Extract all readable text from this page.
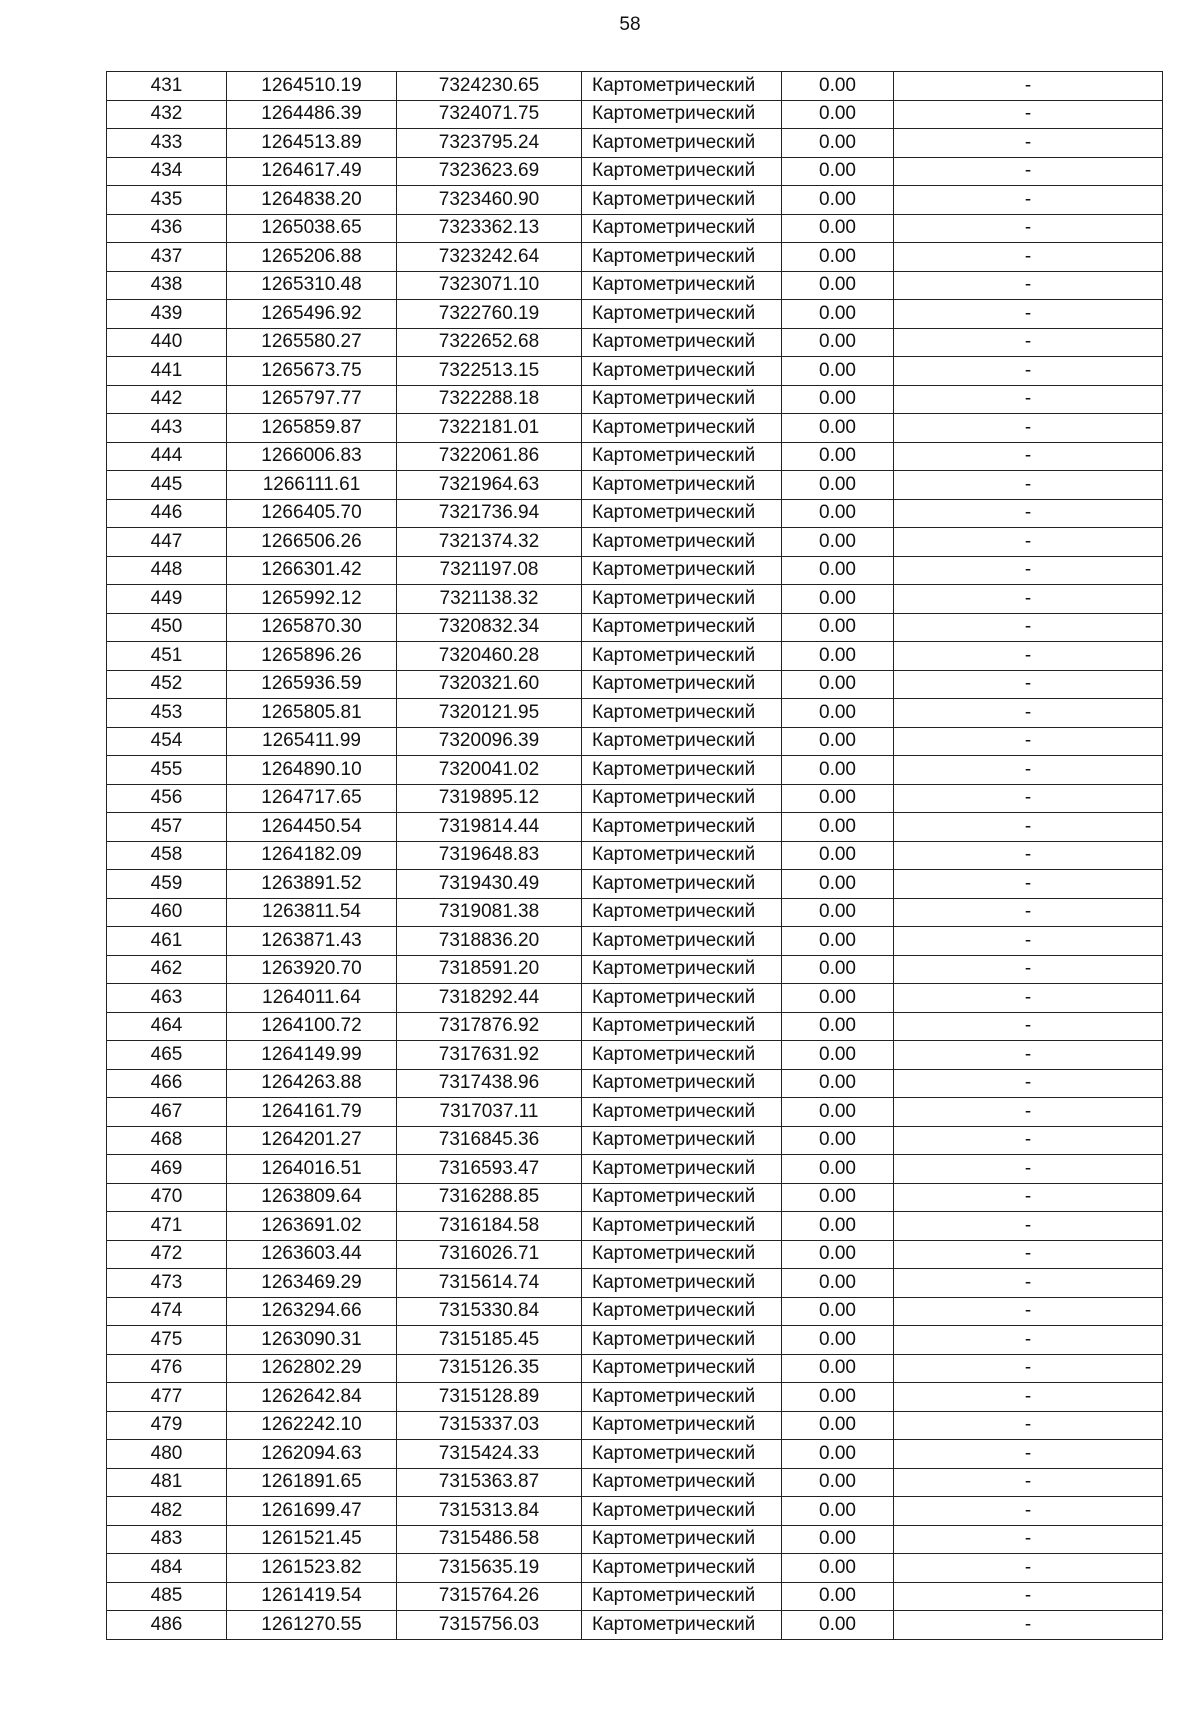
58
431	1264510.19	7324230.65	Картометрический	0.00	-
432	1264486.39	7324071.75	Картометрический	0.00	-
433	1264513.89	7323795.24	Картометрический	0.00	-
434	1264617.49	7323623.69	Картометрический	0.00	-
435	1264838.20	7323460.90	Картометрический	0.00	-
436	1265038.65	7323362.13	Картометрический	0.00	-
437	1265206.88	7323242.64	Картометрический	0.00	-
438	1265310.48	7323071.10	Картометрический	0.00	-
439	1265496.92	7322760.19	Картометрический	0.00	-
440	1265580.27	7322652.68	Картометрический	0.00	-
441	1265673.75	7322513.15	Картометрический	0.00	-
442	1265797.77	7322288.18	Картометрический	0.00	-
443	1265859.87	7322181.01	Картометрический	0.00	-
444	1266006.83	7322061.86	Картометрический	0.00	-
445	1266111.61	7321964.63	Картометрический	0.00	-
446	1266405.70	7321736.94	Картометрический	0.00	-
447	1266506.26	7321374.32	Картометрический	0.00	-
448	1266301.42	7321197.08	Картометрический	0.00	-
449	1265992.12	7321138.32	Картометрический	0.00	-
450	1265870.30	7320832.34	Картометрический	0.00	-
451	1265896.26	7320460.28	Картометрический	0.00	-
452	1265936.59	7320321.60	Картометрический	0.00	-
453	1265805.81	7320121.95	Картометрический	0.00	-
454	1265411.99	7320096.39	Картометрический	0.00	-
455	1264890.10	7320041.02	Картометрический	0.00	-
456	1264717.65	7319895.12	Картометрический	0.00	-
457	1264450.54	7319814.44	Картометрический	0.00	-
458	1264182.09	7319648.83	Картометрический	0.00	-
459	1263891.52	7319430.49	Картометрический	0.00	-
460	1263811.54	7319081.38	Картометрический	0.00	-
461	1263871.43	7318836.20	Картометрический	0.00	-
462	1263920.70	7318591.20	Картометрический	0.00	-
463	1264011.64	7318292.44	Картометрический	0.00	-
464	1264100.72	7317876.92	Картометрический	0.00	-
465	1264149.99	7317631.92	Картометрический	0.00	-
466	1264263.88	7317438.96	Картометрический	0.00	-
467	1264161.79	7317037.11	Картометрический	0.00	-
468	1264201.27	7316845.36	Картометрический	0.00	-
469	1264016.51	7316593.47	Картометрический	0.00	-
470	1263809.64	7316288.85	Картометрический	0.00	-
471	1263691.02	7316184.58	Картометрический	0.00	-
472	1263603.44	7316026.71	Картометрический	0.00	-
473	1263469.29	7315614.74	Картометрический	0.00	-
474	1263294.66	7315330.84	Картометрический	0.00	-
475	1263090.31	7315185.45	Картометрический	0.00	-
476	1262802.29	7315126.35	Картометрический	0.00	-
477	1262642.84	7315128.89	Картометрический	0.00	-
479	1262242.10	7315337.03	Картометрический	0.00	-
480	1262094.63	7315424.33	Картометрический	0.00	-
481	1261891.65	7315363.87	Картометрический	0.00	-
482	1261699.47	7315313.84	Картометрический	0.00	-
483	1261521.45	7315486.58	Картометрический	0.00	-
484	1261523.82	7315635.19	Картометрический	0.00	-
485	1261419.54	7315764.26	Картометрический	0.00	-
486	1261270.55	7315756.03	Картометрический	0.00	-
